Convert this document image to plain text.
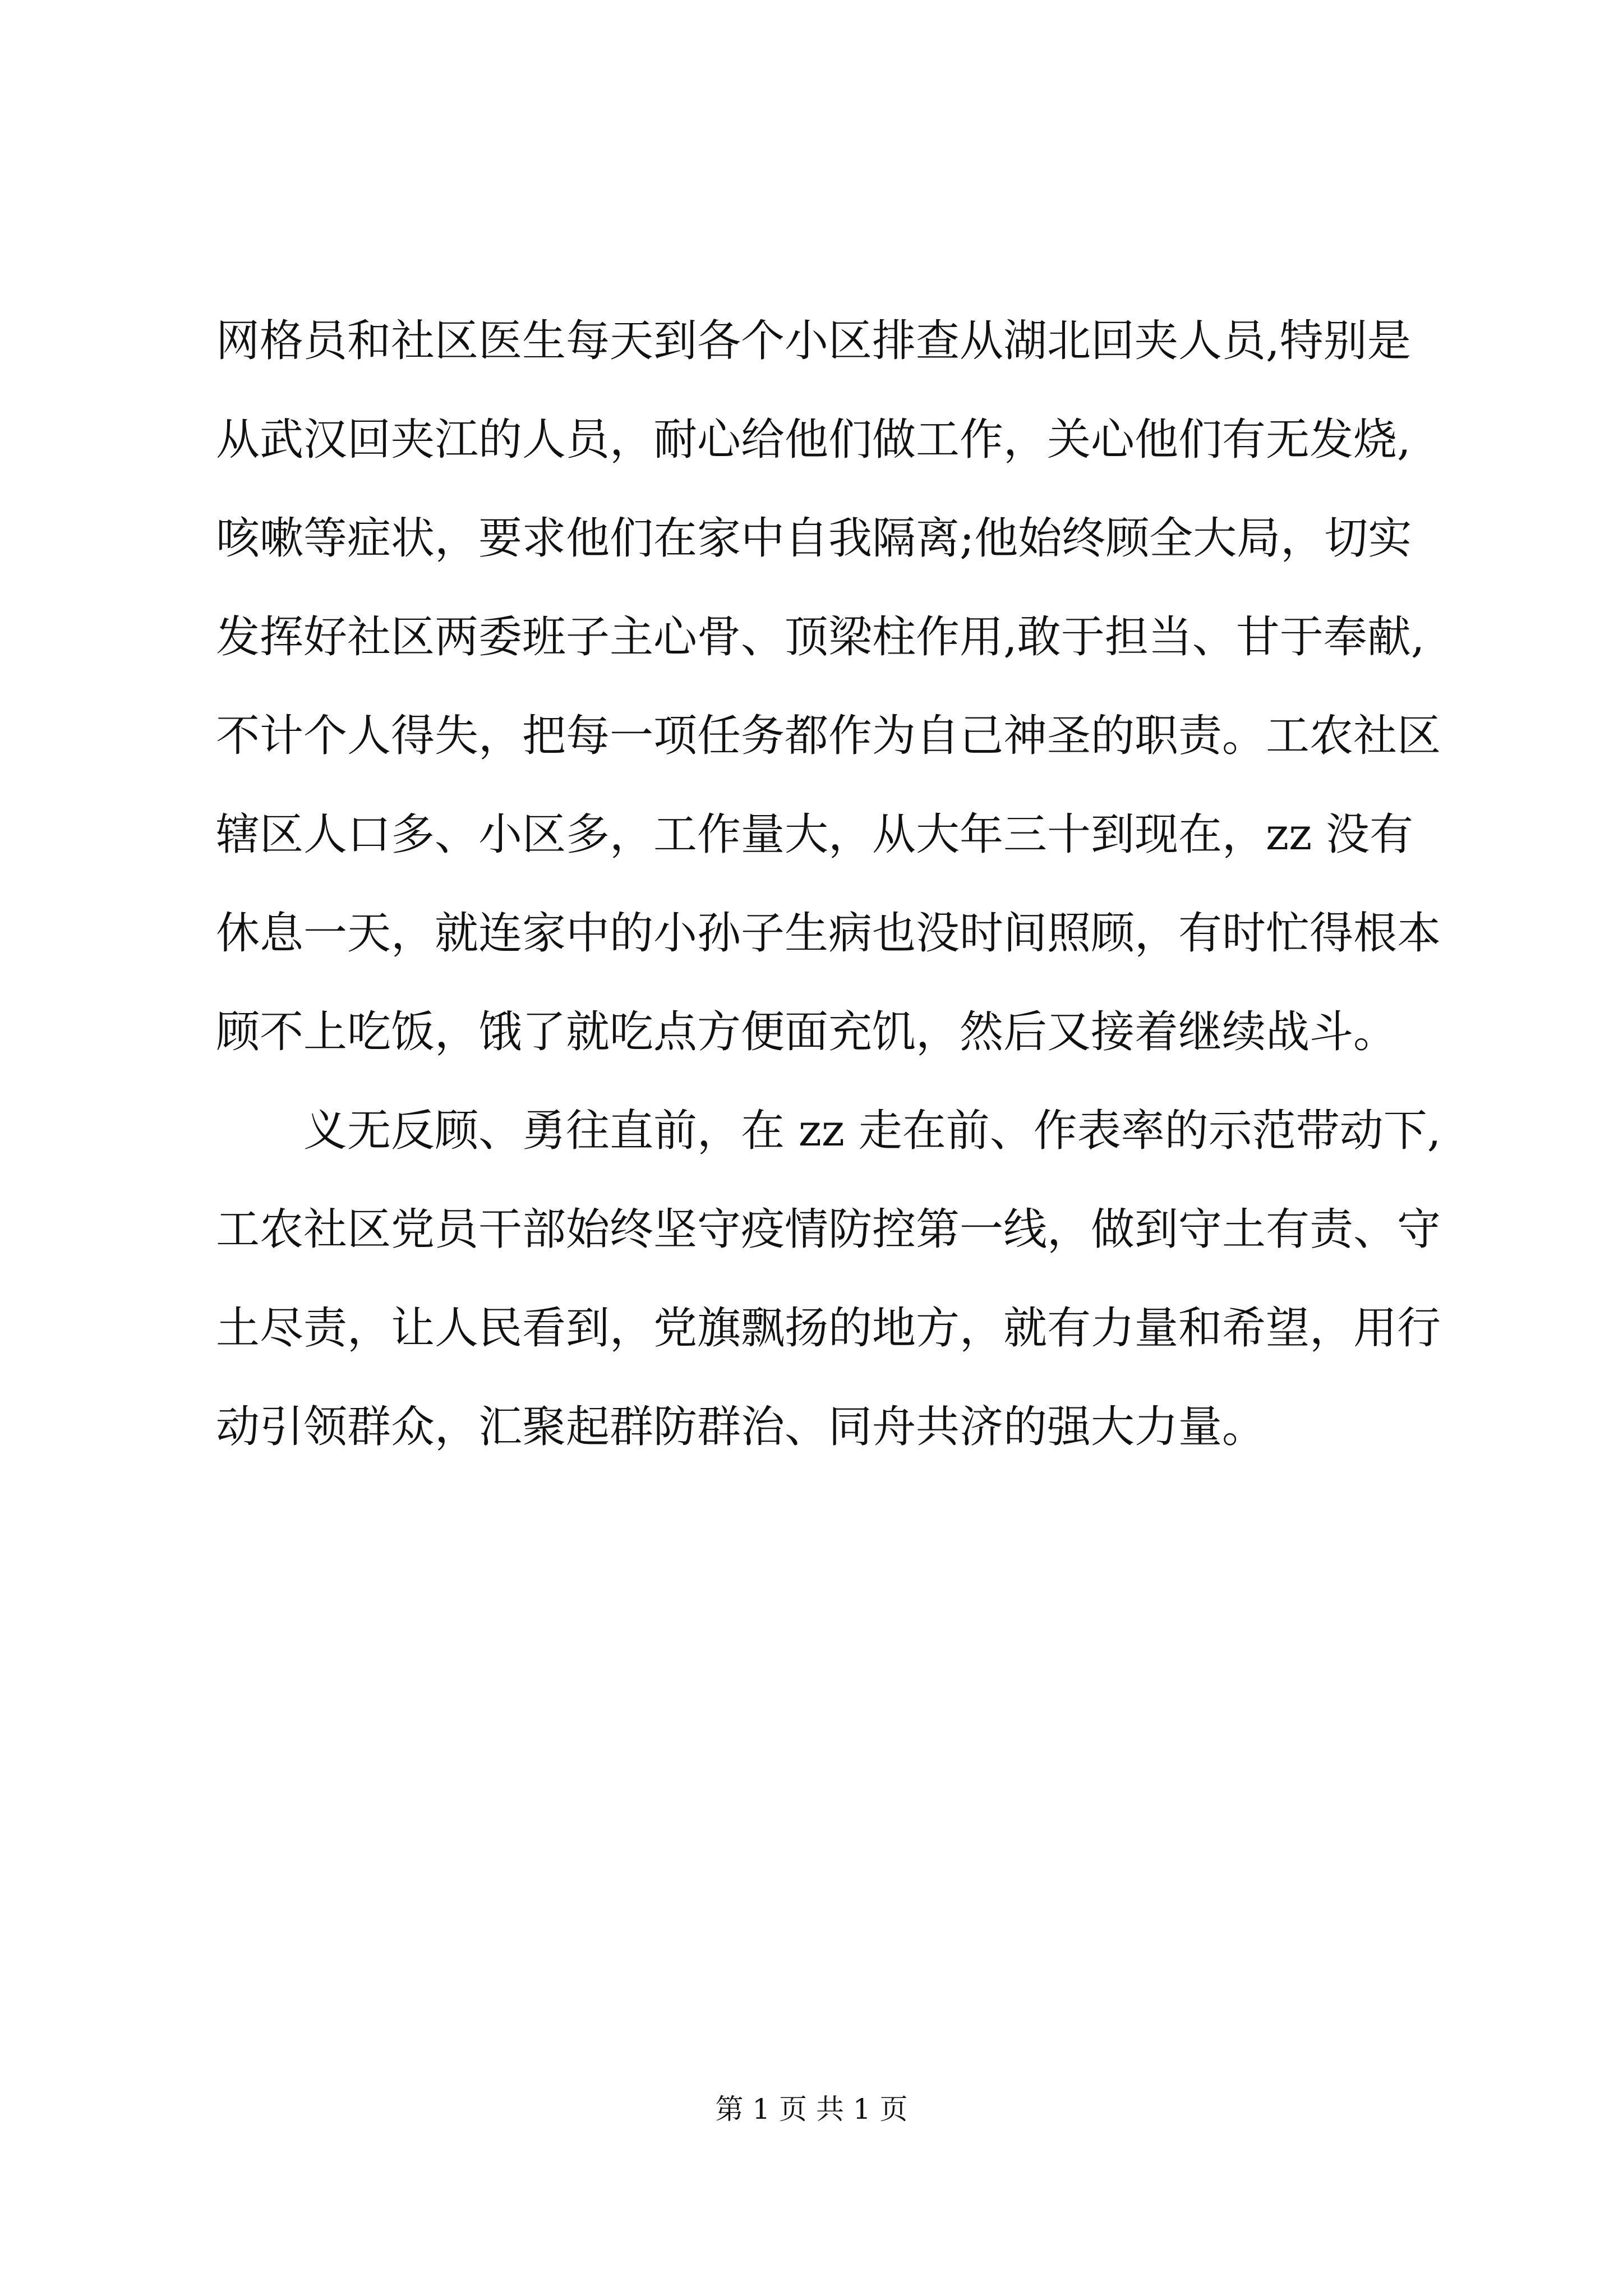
网格员和社区医生每天到各个小区排查从湖北回夹人员,特别是
从武汉回夹江的人员，耐心给他们做工作，关心他们有无发烧,
咳嗽等症状，要求他们在家中自我隔离;他始终顾全大局，切实
发挥好社区两委班子主心骨、顶梁柱作用,敢于担当、甘于奉献,
不计个人得失，把每一项任务都作为自己神圣的职责。工农社区
辖区人口多、小区多，工作量大，从大年三十到现在，zz 没有
休息一天，就连家中的小孙子生病也没时间照顾，有时忙得根本
顾不上吃饭，饿了就吃点方便面充饥，然后又接着继续战斗。
义无反顾、勇往直前，在 zz 走在前、作表率的示范带动下,
工农社区党员干部始终坚守疫情防控第一线，做到守土有责、守
土尽责，让人民看到，党旗飘扬的地方，就有力量和希望，用行
动引领群众，汇聚起群防群治、同舟共济的强大力量。
第 1 页 共 1 页
